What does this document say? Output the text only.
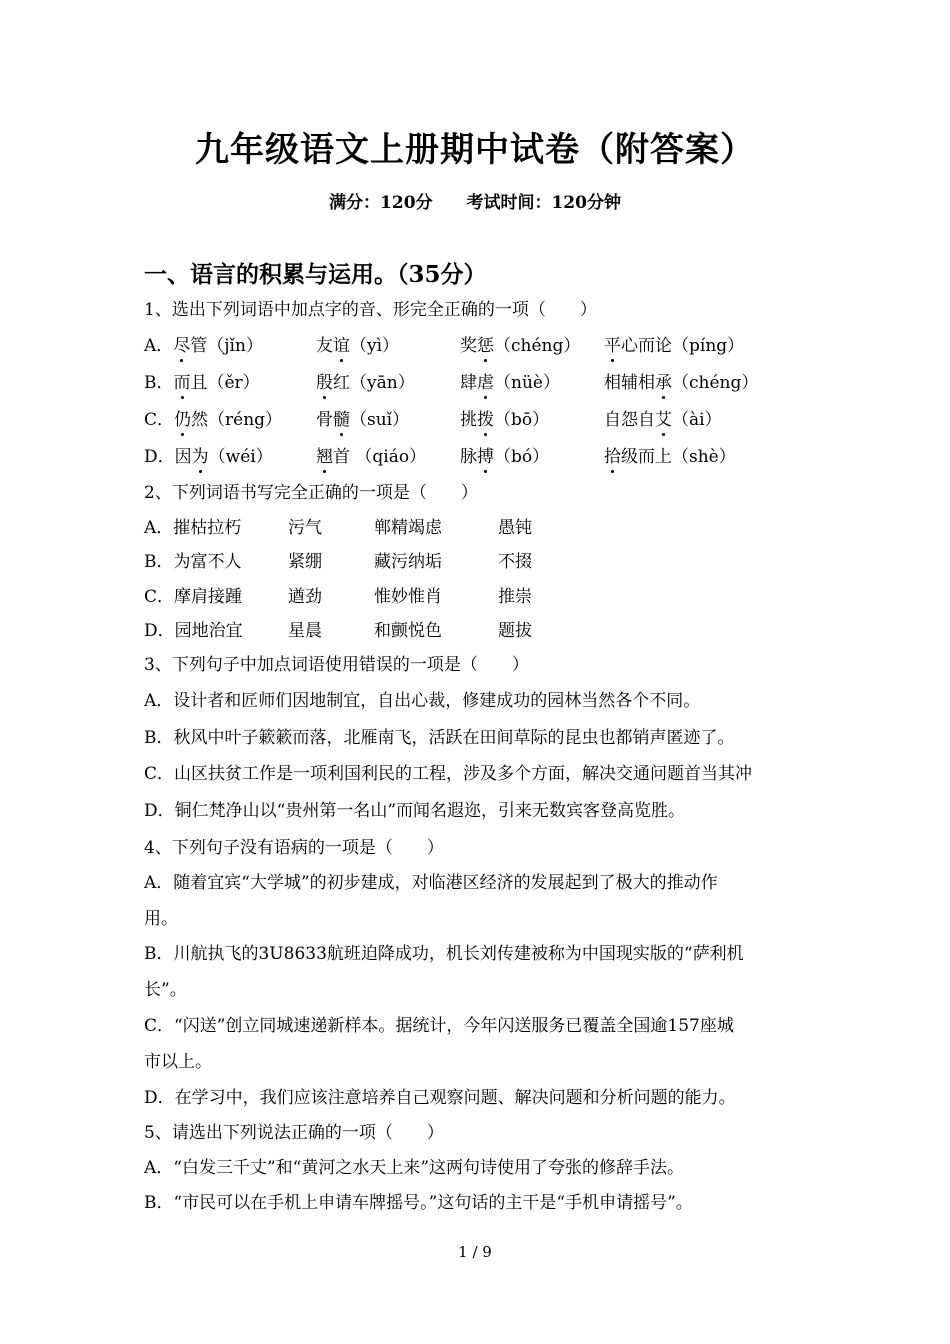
九年级语文上册期中试卷（附答案）
满分：120分 考试时间：120分钟
一、语言的积累与运用。（35分）
1、选出下列词语中加点字的音、形完全正确的一项（　　）
A．尽管（jǐn）	友谊（yì）	奖惩（chéng） 平心而论（píng）
B．而且（ěr）	殷红（yān）	肆虐（nüè）	相辅相承（chéng）
C．仍然（réng） 骨髓（suǐ）	挑拨（bō）	自怨自艾（ài）
D．因为（wéi）	翘首 （qiáo） 脉搏（bó）	拾级而上（shè）
2、下列词语书写完全正确的一项是（　　）
A．摧枯拉朽	污气	郸精竭虑	愚钝
B．为富不人	紧绷	藏污纳垢	不掇
C．摩肩接踵	遒劲	惟妙惟肖	推崇
D．园地治宜	星晨	和颤悦色	题拔
3、下列句子中加点词语使用错误的一项是（　　）
A．设计者和匠师们因地制宜，自出心裁，修建成功的园林当然各个不同。
B．秋风中叶子簌簌而落，北雁南飞，活跃在田间草际的昆虫也都销声匿迹了。
C．山区扶贫工作是一项利国利民的工程，涉及多个方面，解决交通问题首当其冲
D．铜仁梵净山以“贵州第一名山”而闻名遐迩，引来无数宾客登高览胜。
4、下列句子没有语病的一项是（　　）
A．随着宜宾“大学城”的初步建成，对临港区经济的发展起到了极大的推动作
用。
B．川航执飞的3U8633航班迫降成功，机长刘传建被称为中国现实版的“萨利机
长”。
C．“闪送”创立同城速递新样本。据统计，今年闪送服务已覆盖全国逾157座城
市以上。
D．在学习中，我们应该注意培养自己观察问题、解决问题和分析问题的能力。
5、请选出下列说法正确的一项（　　）
A．“白发三千丈”和“黄河之水天上来”这两句诗使用了夸张的修辞手法。
B．“市民可以在手机上申请车牌摇号。”这句话的主干是“手机申请摇号”。
1 / 9
